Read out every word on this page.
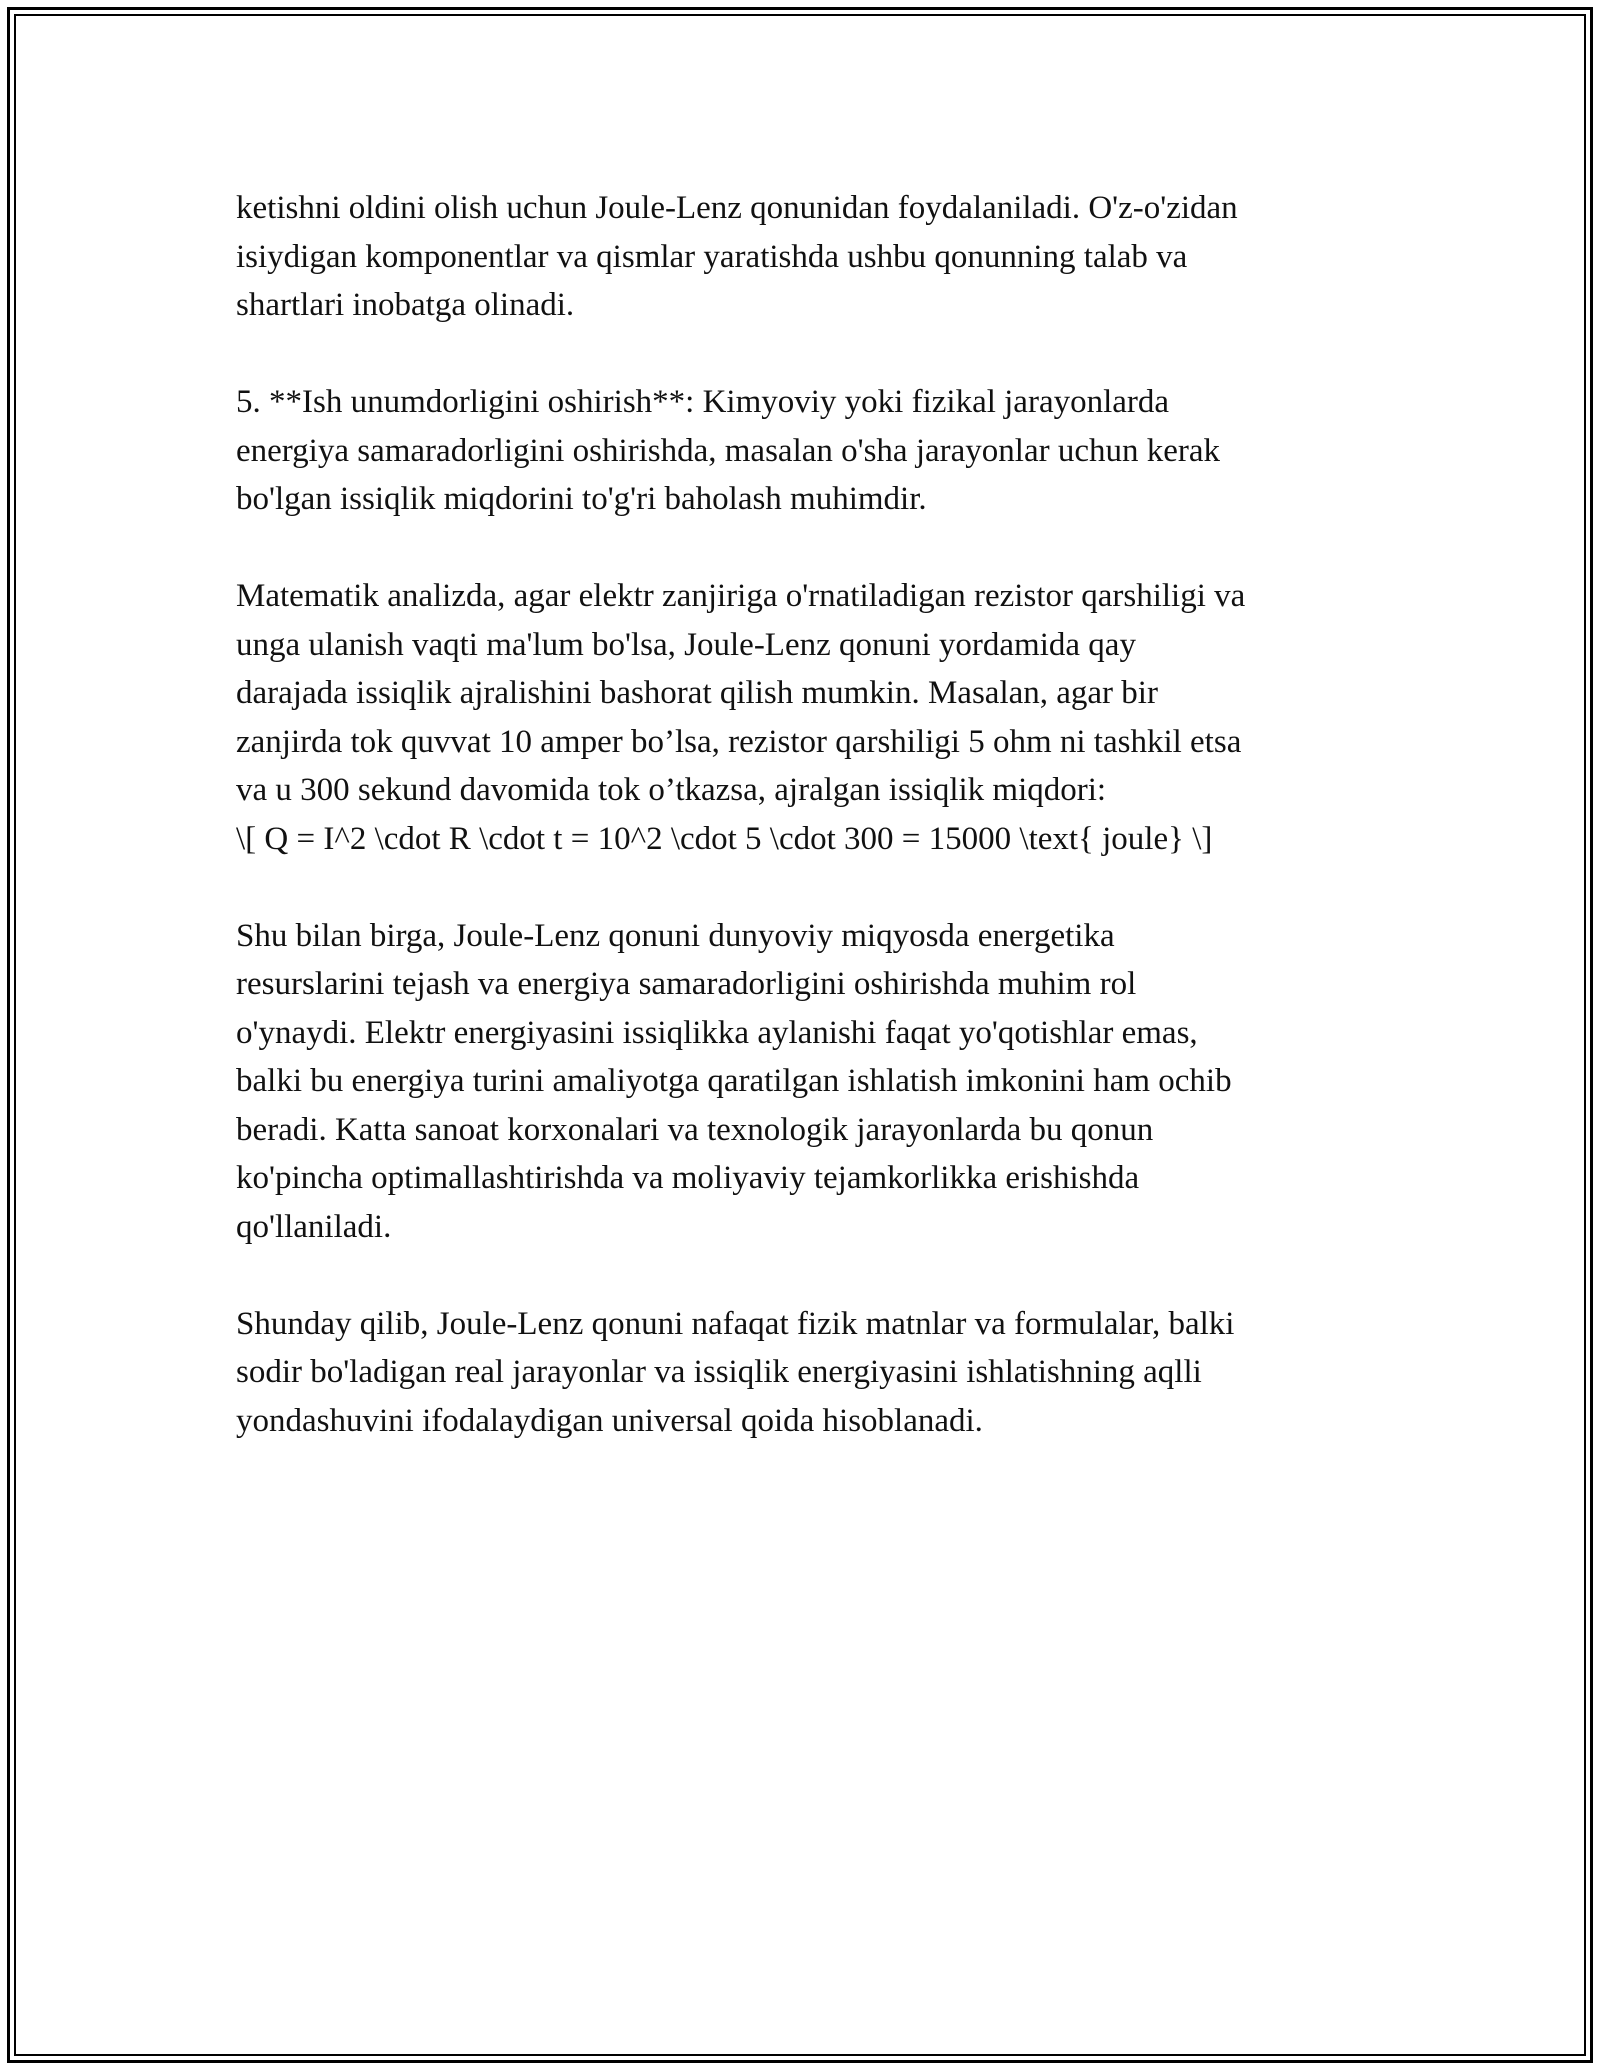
ketishni oldini olish uchun Joule-Lenz qonunidan foydalaniladi. O'z-o'zidan
isiydigan komponentlar va qismlar yaratishda ushbu qonunning talab va
shartlari inobatga olinadi.

5. **Ish unumdorligini oshirish**: Kimyoviy yoki fizikal jarayonlarda
energiya samaradorligini oshirishda, masalan o'sha jarayonlar uchun kerak
bo'lgan issiqlik miqdorini to'g'ri baholash muhimdir.

Matematik analizda, agar elektr zanjiriga o'rnatiladigan rezistor qarshiligi va
unga ulanish vaqti ma'lum bo'lsa, Joule-Lenz qonuni yordamida qay
darajada issiqlik ajralishini bashorat qilish mumkin. Masalan, agar bir
zanjirda tok quvvat 10 amper bo’lsa, rezistor qarshiligi 5 ohm ni tashkil etsa
va u 300 sekund davomida tok o’tkazsa, ajralgan issiqlik miqdori:
\[ Q = I^2 \cdot R \cdot t = 10^2 \cdot 5 \cdot 300 = 15000 \text{ joule} \]

Shu bilan birga, Joule-Lenz qonuni dunyoviy miqyosda energetika
resurslarini tejash va energiya samaradorligini oshirishda muhim rol
o'ynaydi. Elektr energiyasini issiqlikka aylanishi faqat yo'qotishlar emas,
balki bu energiya turini amaliyotga qaratilgan ishlatish imkonini ham ochib
beradi. Katta sanoat korxonalari va texnologik jarayonlarda bu qonun
ko'pincha optimallashtirishda va moliyaviy tejamkorlikka erishishda
qo'llaniladi.

Shunday qilib, Joule-Lenz qonuni nafaqat fizik matnlar va formulalar, balki
sodir bo'ladigan real jarayonlar va issiqlik energiyasini ishlatishning aqlli
yondashuvini ifodalaydigan universal qoida hisoblanadi.
